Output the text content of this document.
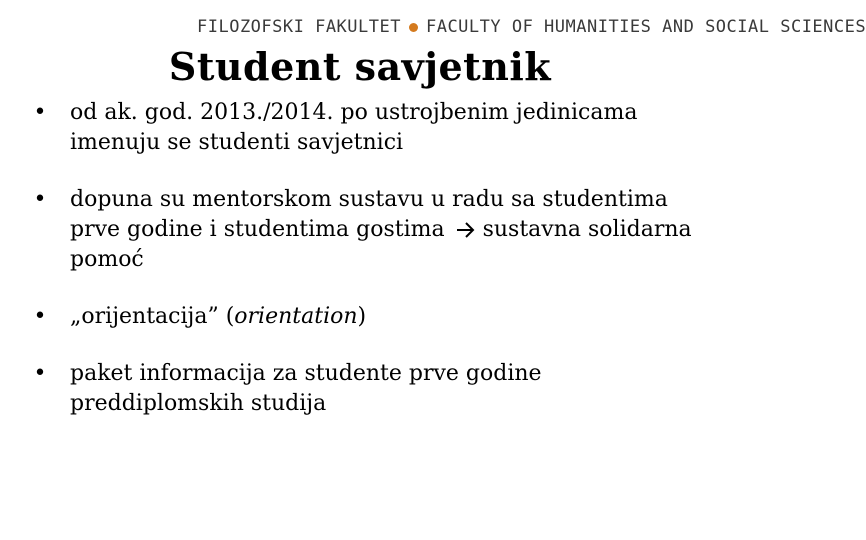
FILOZOFSKI FAKULTET FACULTY OF HUMANITIES AND SOCIAL SCIENCES
Student savjetnik
• od ak. god. 2013./2014. po ustrojbenim jedinicama imenuju se studenti savjetnici
• dopuna su mentorskom sustavu u radu sa studentima prve godine i studentima gostima sustavna solidarna pomoć
• „orijentacija” (orientation)
• paket informacija za studente prve godine preddiplomskih studija
